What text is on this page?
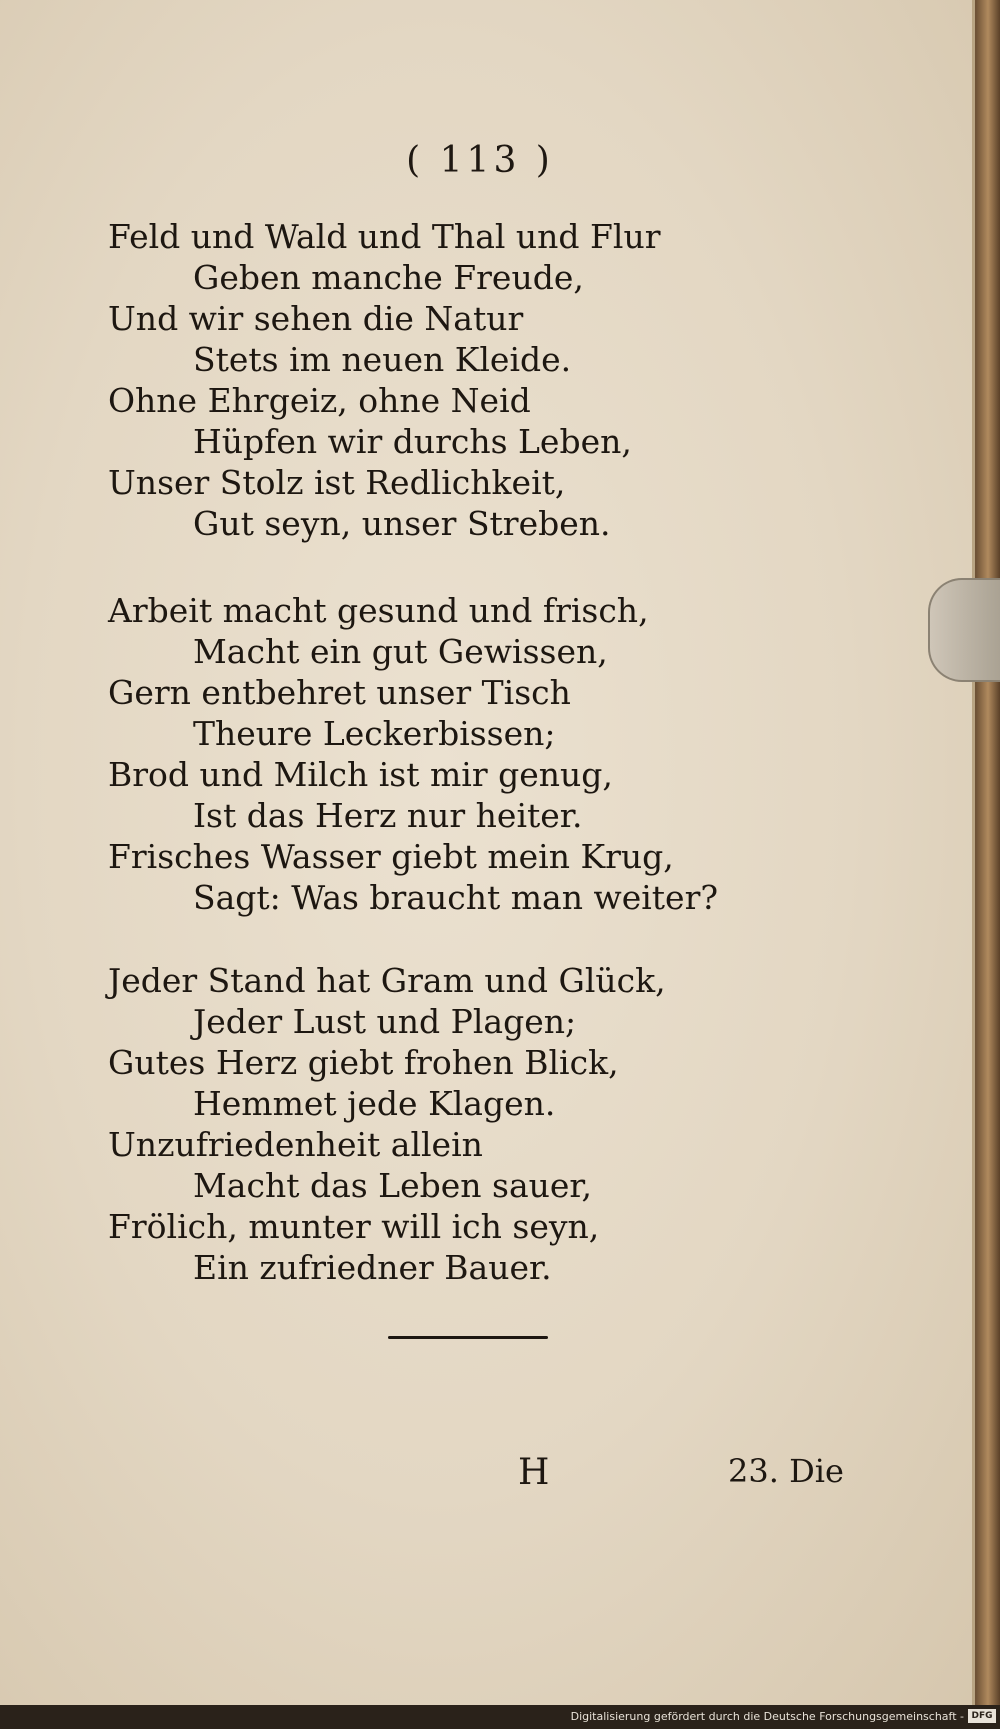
( 113 )
Feld und Wald und Thal und Flur
Geben manche Freude,
Und wir sehen die Natur
Stets im neuen Kleide.
Ohne Ehrgeiz, ohne Neid
Hüpfen wir durchs Leben,
Unser Stolz ist Redlichkeit,
Gut seyn, unser Streben.
Arbeit macht gesund und frisch,
Macht ein gut Gewissen,
Gern entbehret unser Tisch
Theure Leckerbissen;
Brod und Milch ist mir genug,
Ist das Herz nur heiter.
Frisches Wasser giebt mein Krug,
Sagt: Was braucht man weiter?
Jeder Stand hat Gram und Glück,
Jeder Lust und Plagen;
Gutes Herz giebt frohen Blick,
Hemmet jede Klagen.
Unzufriedenheit allein
Macht das Leben sauer,
Frölich, munter will ich seyn,
Ein zufriedner Bauer.
H	23. Die
Digitalisierung gefördert durch die Deutsche Forschungsgemeinschaft - DFG
